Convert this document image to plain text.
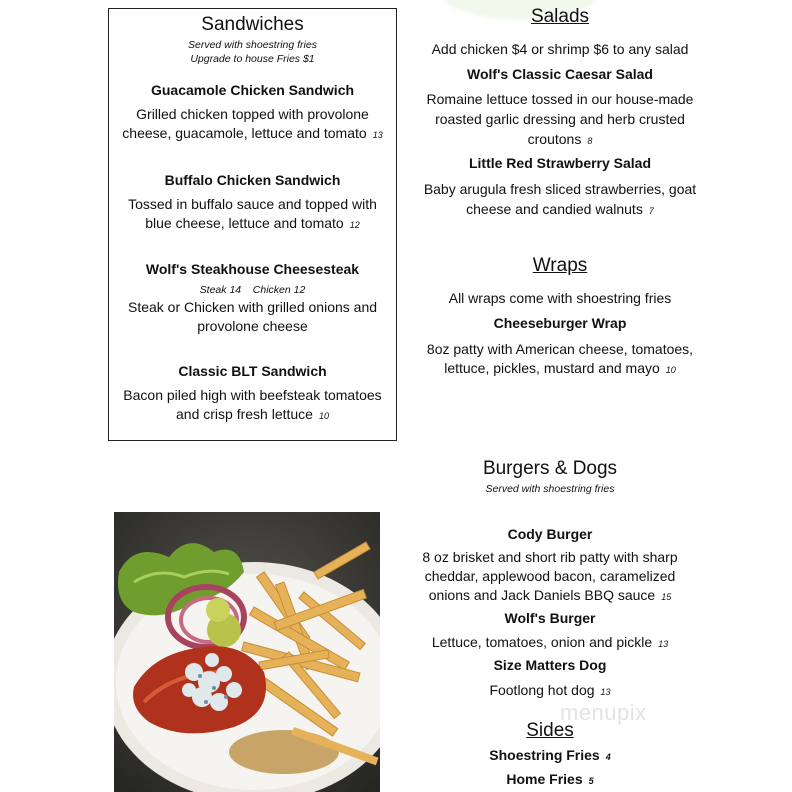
Sandwiches
Served with shoestring fries
Upgrade to house Fries $1
Guacamole Chicken Sandwich
Grilled chicken topped with provolone
cheese, guacamole, lettuce and tomato 13
Buffalo Chicken Sandwich
Tossed in buffalo sauce and topped with
blue cheese, lettuce and tomato 12
Wolf's Steakhouse Cheesesteak
Steak 14    Chicken 12
Steak or Chicken with grilled onions and
provolone cheese
Classic BLT Sandwich
Bacon piled high with beefsteak tomatoes
and crisp fresh lettuce 10
Salads
Add chicken $4 or shrimp $6 to any salad
Wolf's Classic Caesar Salad
Romaine lettuce tossed in our house-made
roasted garlic dressing and herb crusted
croutons 8
Little Red Strawberry Salad
Baby arugula fresh sliced strawberries, goat
cheese and candied walnuts 7
Wraps
All wraps come with shoestring fries
Cheeseburger Wrap
8oz patty with American cheese, tomatoes,
lettuce, pickles, mustard and mayo 10
Burgers & Dogs
Served with shoestring fries
Cody Burger
8 oz brisket and short rib patty with sharp
cheddar, applewood bacon, caramelized
onions and Jack Daniels BBQ sauce 15
Wolf's Burger
Lettuce, tomatoes, onion and pickle 13
Size Matters Dog
Footlong hot dog 13
Sides
Shoestring Fries 4
Home Fries 5
menupix
